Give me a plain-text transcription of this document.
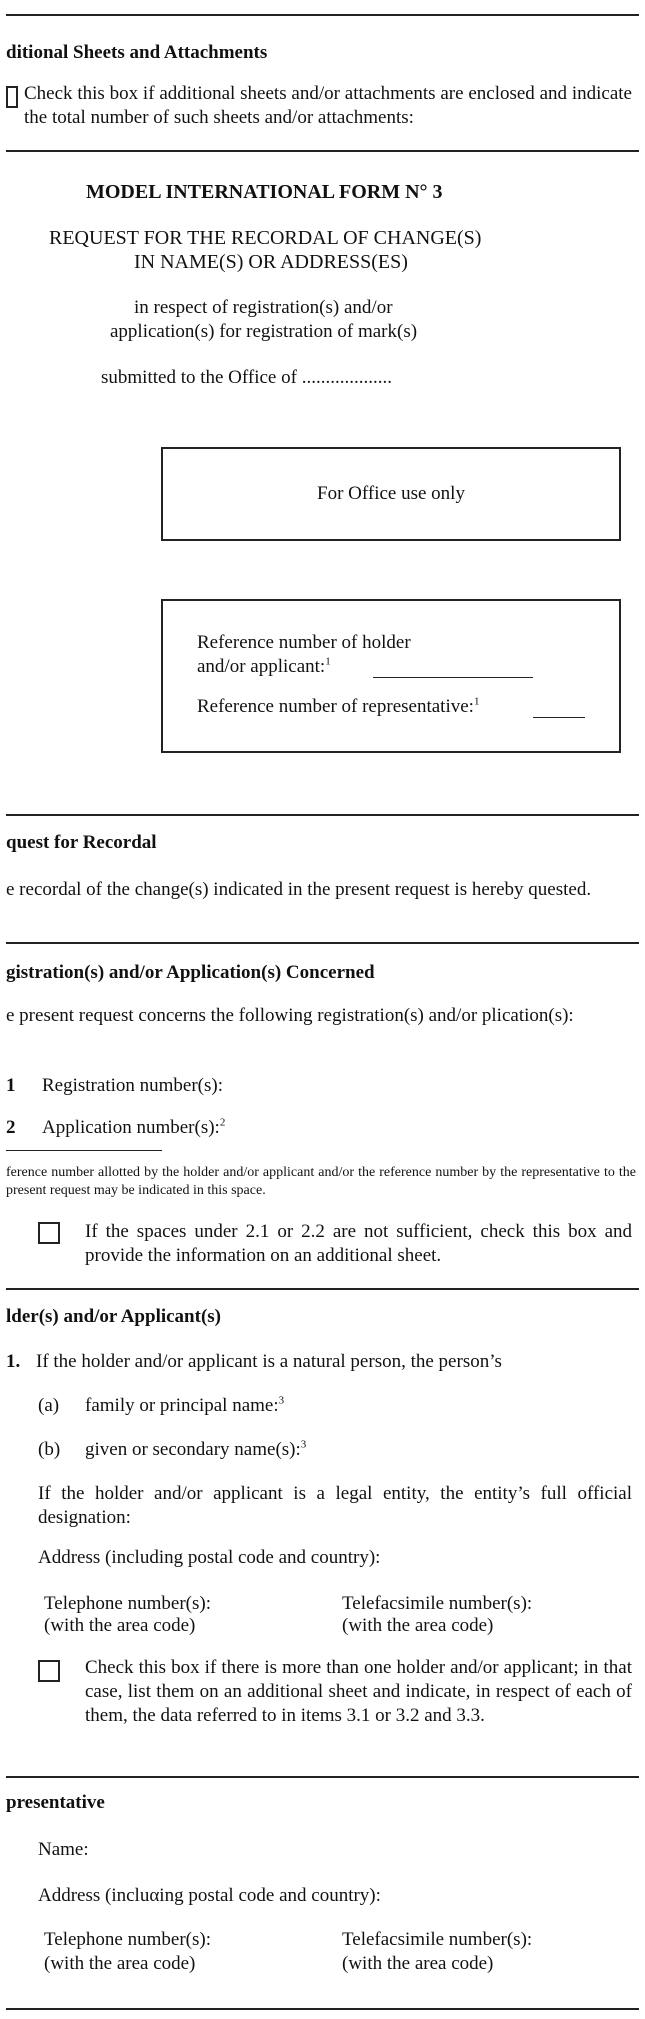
ditional Sheets and Attachments
Check this box if additional sheets and/or attachments are enclosed and indicate the total number of such sheets and/or attachments:
MODEL INTERNATIONAL FORM N° 3
REQUEST FOR THE RECORDAL OF CHANGE(S)
IN NAME(S) OR ADDRESS(ES)
in respect of registration(s) and/or
application(s) for registration of mark(s)
submitted to the Office of ...................
For Office use only
Reference number of holder
and/or applicant:$^1$
Reference number of representative:$^1$
quest for Recordal
e recordal of the change(s) indicated in the present request is hereby quested.
gistration(s) and/or Application(s) Concerned
e present request concerns the following registration(s) and/or plication(s):
1 Registration number(s):
2 Application number(s):$^2$
ference number allotted by the holder and/or applicant and/or the reference number by the representative to the present request may be indicated in this space.
If the spaces under 2.1 or 2.2 are not sufficient, check this box and provide the information on an additional sheet.
lder(s) and/or Applicant(s)
1. If the holder and/or applicant is a natural person, the person’s
(a) family or principal name:$^3$
(b) given or secondary name(s):$^3$
If the holder and/or applicant is a legal entity, the entity’s full official designation:
Address (including postal code and country):
Telephone number(s):
(with the area code)
Telefacsimile number(s):
(with the area code)
Check this box if there is more than one holder and/or applicant; in that case, list them on an additional sheet and indicate, in respect of each of them, the data referred to in items 3.1 or 3.2 and 3.3.
presentative
Name:
Address (incluαing postal code and country):
Telephone number(s):
(with the area code)
Telefacsimile number(s):
(with the area code)
